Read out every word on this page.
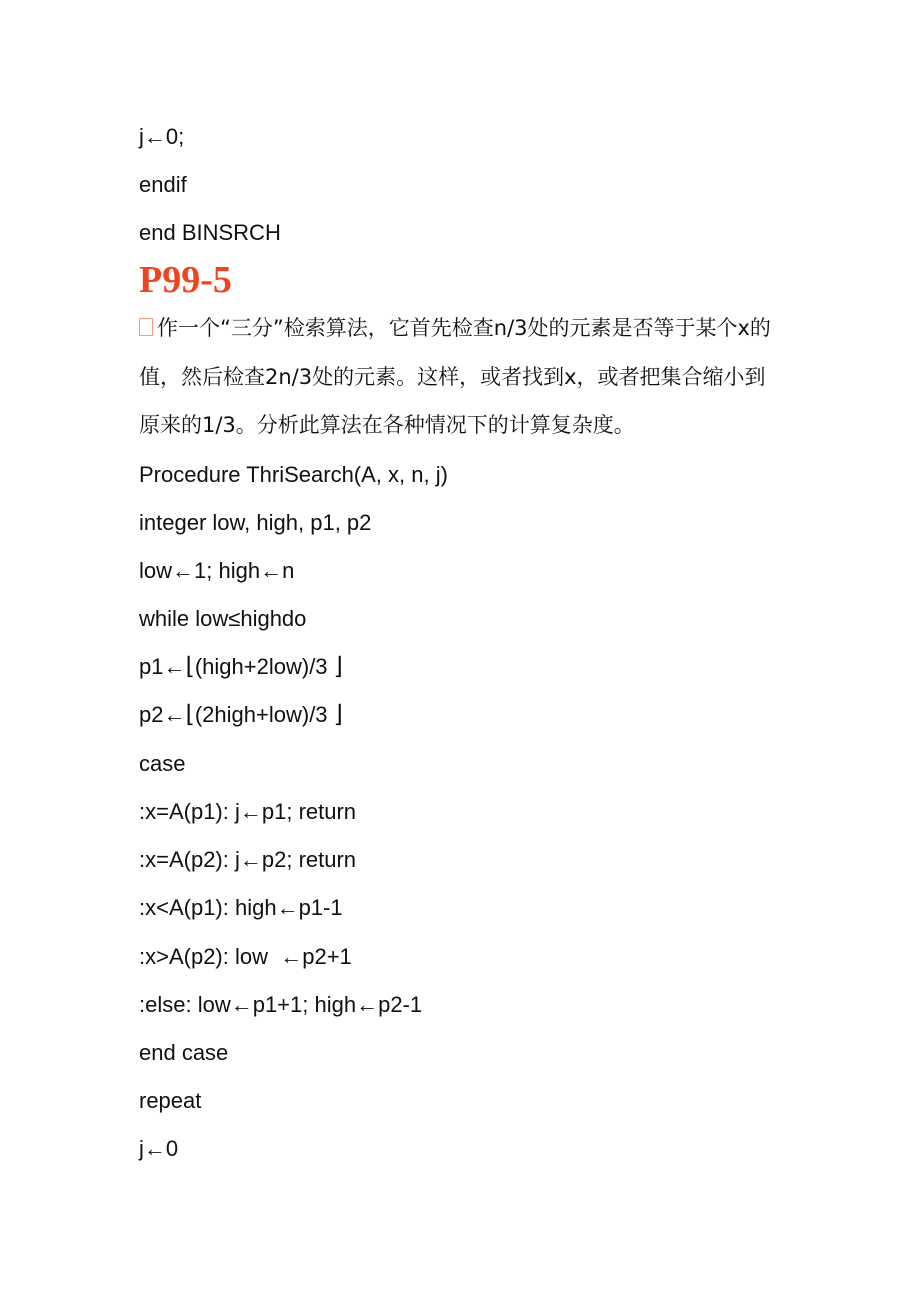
j←0;
endif
end BINSRCH
P99-5
作一个“三分”检索算法，它首先检查n/3处的元素是否等于某个x的
值，然后检查2n/3处的元素。这样，或者找到x，或者把集合缩小到
原来的1/3。分析此算法在各种情况下的计算复杂度。
Procedure ThriSearch(A, x, n, j)
integer low, high, p1, p2
low←1; high←n
while low≤highdo
p1←⌊(high+2low)/3 ⌋
p2←⌊(2high+low)/3 ⌋
case
:x=A(p1): j←p1; return
:x=A(p2): j←p2; return
:x<A(p1): high←p1-1
:x>A(p2): low  ←p2+1
:else: low←p1+1; high←p2-1
end case
repeat
j←0
